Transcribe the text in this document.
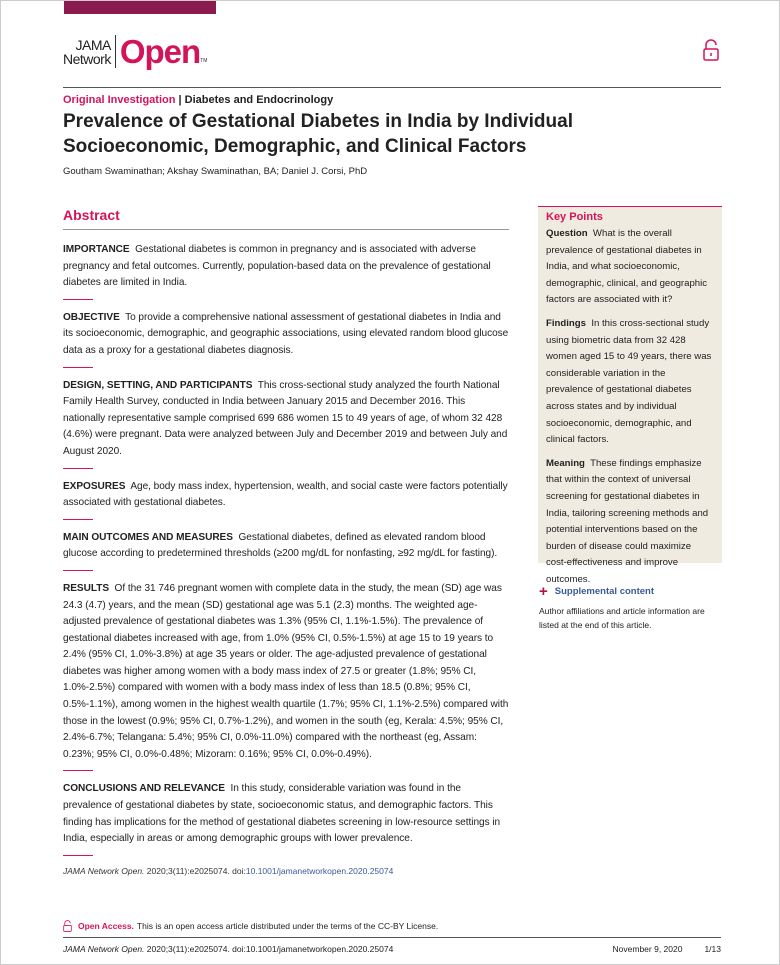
JAMA
Network Open TM
Original Investigation | Diabetes and Endocrinology
Prevalence of Gestational Diabetes in India by Individual Socioeconomic, Demographic, and Clinical Factors
Goutham Swaminathan; Akshay Swaminathan, BA; Daniel J. Corsi, PhD
Abstract

IMPORTANCE Gestational diabetes is common in pregnancy and is associated with adverse pregnancy and fetal outcomes. Currently, population-based data on the prevalence of gestational diabetes are limited in India.

OBJECTIVE To provide a comprehensive national assessment of gestational diabetes in India and its socioeconomic, demographic, and geographic associations, using elevated random blood glucose data as a proxy for a gestational diabetes diagnosis.

DESIGN, SETTING, AND PARTICIPANTS This cross-sectional study analyzed the fourth National Family Health Survey, conducted in India between January 2015 and December 2016. This nationally representative sample comprised 699 686 women 15 to 49 years of age, of whom 32 428 (4.6%) were pregnant. Data were analyzed between July and December 2019 and between July and August 2020.

EXPOSURES Age, body mass index, hypertension, wealth, and social caste were factors potentially associated with gestational diabetes.

MAIN OUTCOMES AND MEASURES Gestational diabetes, defined as elevated random blood glucose according to predetermined thresholds (≥200 mg/dL for nonfasting, ≥92 mg/dL for fasting).

RESULTS Of the 31 746 pregnant women with complete data in the study, the mean (SD) age was 24.3 (4.7) years, and the mean (SD) gestational age was 5.1 (2.3) months. The weighted age-adjusted prevalence of gestational diabetes was 1.3% (95% CI, 1.1%-1.5%). The prevalence of gestational diabetes increased with age, from 1.0% (95% CI, 0.5%-1.5%) at age 15 to 19 years to 2.4% (95% CI, 1.0%-3.8%) at age 35 years or older. The age-adjusted prevalence of gestational diabetes was higher among women with a body mass index of 27.5 or greater (1.8%; 95% CI, 1.0%-2.5%) compared with women with a body mass index of less than 18.5 (0.8%; 95% CI, 0.5%-1.1%), among women in the highest wealth quartile (1.7%; 95% CI, 1.1%-2.5%) compared with those in the lowest (0.9%; 95% CI, 0.7%-1.2%), and women in the south (eg, Kerala: 4.5%; 95% CI, 2.4%-6.7%; Telangana: 5.4%; 95% CI, 0.0%-11.0%) compared with the northeast (eg, Assam: 0.23%; 95% CI, 0.0%-0.48%; Mizoram: 0.16%; 95% CI, 0.0%-0.49%).

CONCLUSIONS AND RELEVANCE In this study, considerable variation was found in the prevalence of gestational diabetes by state, socioeconomic status, and demographic factors. This finding has implications for the method of gestational diabetes screening in low-resource settings in India, especially in areas or among demographic groups with lower prevalence.

JAMA Network Open. 2020;3(11):e2025074. doi:10.1001/jamanetworkopen.2020.25074
Key Points

Question What is the overall prevalence of gestational diabetes in India, and what socioeconomic, demographic, clinical, and geographic factors are associated with it?

Findings In this cross-sectional study using biometric data from 32 428 women aged 15 to 49 years, there was considerable variation in the prevalence of gestational diabetes across states and by individual socioeconomic, demographic, and clinical factors.

Meaning These findings emphasize that within the context of universal screening for gestational diabetes in India, tailoring screening methods and potential interventions based on the burden of disease could maximize cost-effectiveness and improve outcomes.

+ Supplemental content
Author affiliations and article information are listed at the end of this article.
Open Access. This is an open access article distributed under the terms of the CC-BY License.
JAMA Network Open. 2020;3(11):e2025074. doi:10.1001/jamanetworkopen.2020.25074	November 9, 2020	1/13
